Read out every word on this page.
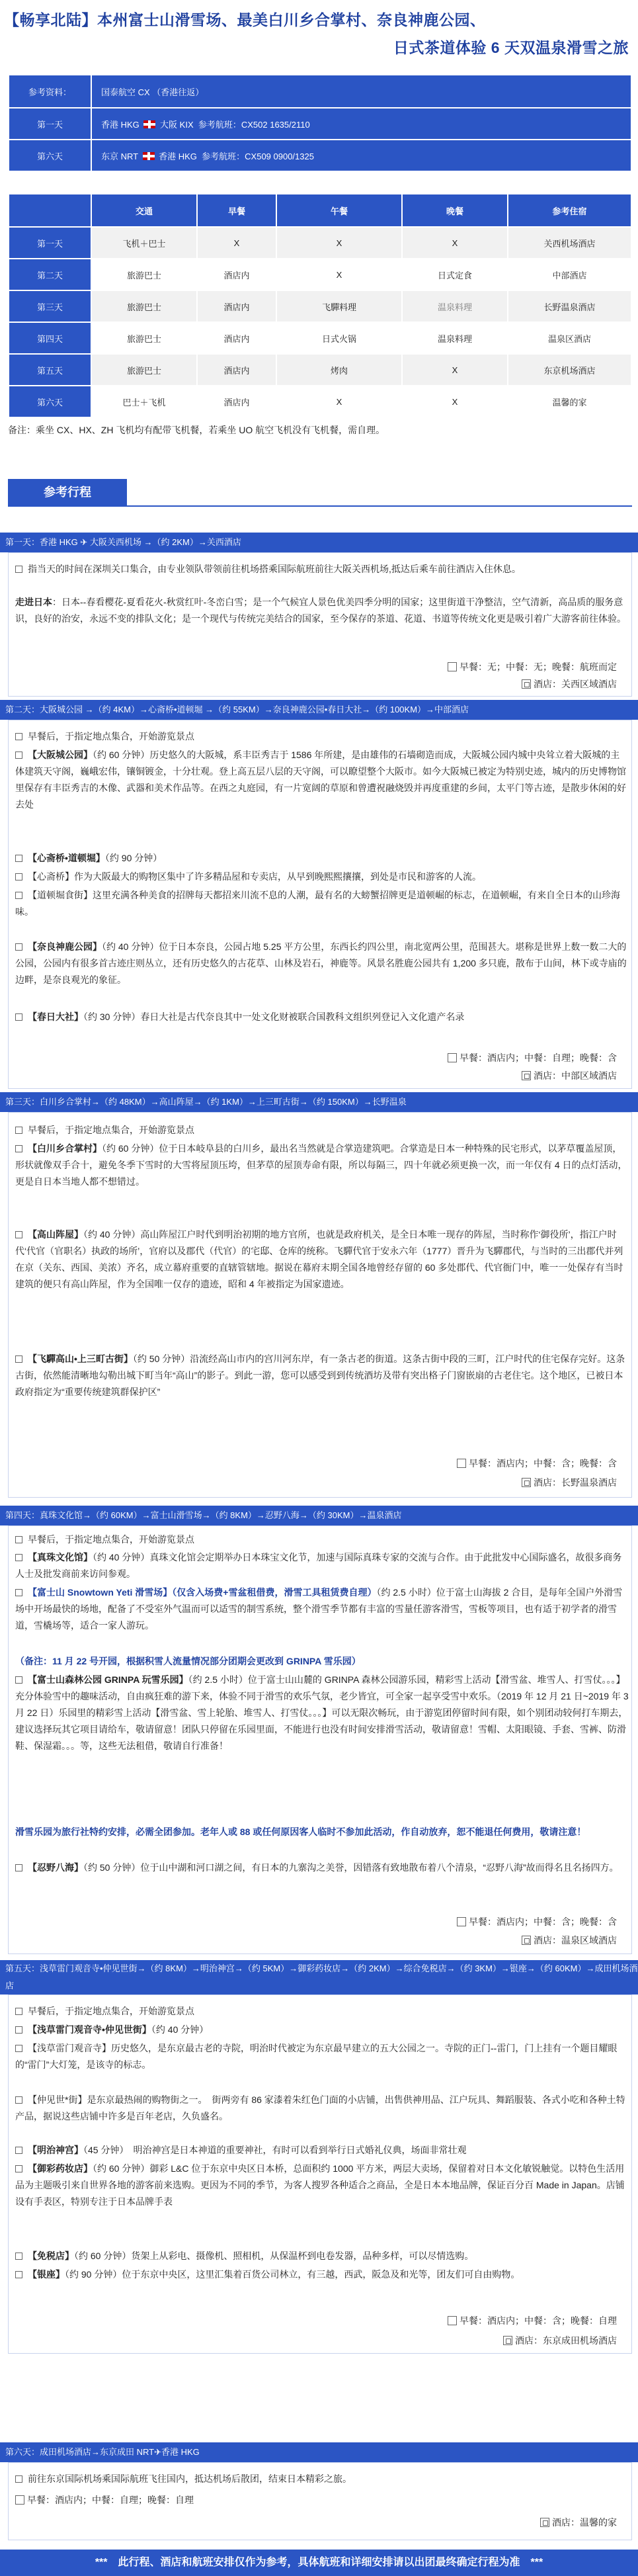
【畅享北陆】本州富士山滑雪场、最美白川乡合掌村、奈良神鹿公园、
日式茶道体验 6 天双温泉滑雪之旅
参考资料：	国泰航空 CX （香港往返）
第一天	香港 HKG 大阪 KIX 参考航班：CX502 1635/2110
第六天	东京 NRT 香港 HKG 参考航班：CX509 0900/1325
	交通	早餐	午餐	晚餐	参考住宿
第一天	飞机＋巴士	X	X	X	关西机场酒店
第二天	旅游巴士	酒店内	X	日式定食	中部酒店
第三天	旅游巴士	酒店内	飞驒料理	温泉料理	长野温泉酒店
第四天	旅游巴士	酒店内	日式火锅	温泉料理	温泉区酒店
第五天	旅游巴士	酒店内	烤肉	X	东京机场酒店
第六天	巴士＋飞机	酒店内	X	X	温馨的家
备注：乘坐 CX、HX、ZH 飞机均有配带飞机餐，若乘坐 UO 航空飞机没有飞机餐，需自理。
参考行程
第一天：香港 HKG ✈ 大阪关西机场 →（约 2KM）→关西酒店
指当天的时间在深圳关口集合，由专业领队带领前往机场搭乘国际航班前往大阪关西机场,抵达后乘车前往酒店入住休息。
走进日本：日本--春看樱花-夏看花火-秋赏红叶-冬峦白雪；是一个气候宜人景色优美四季分明的国家；这里街道干净整洁，空气清新，高品质的服务意识，良好的治安，永远不变的排队文化；是一个现代与传统完美结合的国家，至今保存的茶道、花道、书道等传统文化更是吸引着广大游客前往体验。
早餐：无；中餐：无；晚餐：航班而定
酒店：关西区域酒店
第二天：大阪城公园 →（约 4KM）→心斋桥•道顿堀 →（约 55KM）→奈良神鹿公园•春日大社→（约 100KM）→中部酒店
早餐后，于指定地点集合，开始游览景点
【大阪城公园】（约 60 分钟）历史悠久的大阪城，系丰臣秀吉于 1586 年所建，是由雄伟的石墙砌造而成，大阪城公园内城中央耸立着大阪城的主体建筑天守阁，巍峨宏伟，镶铜镀金，十分壮观。登上高五层八层的天守阁，可以瞭望整个大阪市。如今大阪城已被定为特别史迹，城内的历史博物馆里保存有丰臣秀吉的木像、武器和美术作品等。在西之丸庭园，有一片宽阔的草原和曾遭祝融烧毁并再度重建的乡间，太平门等古迹，是散步休闲的好去处
【心斋桥•道顿堀】（约 90 分钟）
【心斋桥】作为大阪最大的购物区集中了许多精品屋和专卖店，从早到晚熙熙攘攘，到处是市民和游客的人流。
【道顿堀食街】这里充满各种美食的招牌每天都招来川流不息的人潮，最有名的大螃蟹招牌更是道顿崛的标志，在道顿崛，有来自全日本的山珍海味。
【奈良神鹿公园】（约 40 分钟）位于日本奈良，公园占地 5.25 平方公里，东西长约四公里，南北宽两公里，范围甚大。堪称是世界上数一数二大的公园，公园内有很多首古迹庄则丛立，还有历史悠久的古花草、山林及岩石，神鹿等。风景名胜鹿公园共有 1,200 多只鹿，散布于山间，林下或寺庙的边畔，是奈良观光的象征。
【春日大社】（约 30 分钟）春日大社是古代奈良其中一处文化财被联合国教科文组织列登记入文化遗产名录
早餐：酒店内；中餐：自理；晚餐：含
酒店：中部区域酒店
第三天：白川乡合掌村→（约 48KM）→高山阵屋→（约 1KM）→上三町古街→（约 150KM）→长野温泉
早餐后，于指定地点集合，开始游览景点
【白川乡合掌村】（约 60 分钟）位于日本岐阜县的白川乡，最出名当然就是合掌造建筑吧。合掌造是日本一种特殊的民宅形式，以茅草覆盖屋顶，形状就像双手合十，避免冬季下雪时的大雪将屋顶压垮，但茅草的屋顶寿命有限，所以每隔三，四十年就必须更换一次，而一年仅有 4 日的点灯活动，更是自日本当地人都不想错过。
【高山阵屋】（约 40 分钟）高山阵屋江户时代到明治初期的地方官所，也就是政府机关，是全日本唯一现存的阵屋，当时称作‘御役所’，指江户时代‘代官（官职名）执政的场所’，官府以及郡代（代官）的宅邸、仓库的统称。飞驒代官于安永六年（1777）晋升为飞驒郡代，与当时的三出郡代并列在京（关东、西国、美浓）齐名，成立幕府重要的直辖管辖地。据说在幕府末期全国各地曾经存留的 60 多处郡代、代官衙门中，唯一一处保存有当时建筑的便只有高山阵屋，作为全国唯一仅存的遗迹，昭和 4 年被指定为国家遗迹。
【飞驒高山•上三町古街】（约 50 分钟）沿流经高山市内的宫川河东岸，有一条古老的街道。这条古街中段的三町，江户时代的住宅保存完好。这条古街，依然能清晰地勾勒出城下町当年“高山”的影子。到此一游，您可以感受到到传统酒坊及带有突出格子门窗嵌扇的古老住宅。这个地区，已被日本政府指定为“重要传统建筑群保护区”
早餐：酒店内；中餐：含；晚餐：含
酒店：长野温泉酒店
第四天：真珠文化馆→（约 60KM）→富士山滑雪场→（约 8KM）→忍野八海→（约 30KM）→温泉酒店
早餐后，于指定地点集合，开始游览景点
【真珠文化馆】（约 40 分钟）真珠文化馆会定期举办日本珠宝文化节，加速与国际真珠专家的交流与合作。由于此批发中心国际盛名，故很多商务人士及批发商前来访问参观。
【富士山 Snowtown Yeti 滑雪场】（仅含入场费+雪盆租借费，滑雪工具租赁费自理）（约 2.5 小时）位于富士山海拔 2 合目，是每年全国户外滑雪场中开场最快的场地，配备了不受室外气温而可以适雪的制雪系统，整个滑雪季节都有丰富的雪量任游客滑雪，雪板等项目，也有适于初学者的滑雪道，雪橇场等，适合一家人游玩。
（备注：11 月 22 号开园，根据积雪人流量情况部分团期会更改到 GRINPA 雪乐园）
【富士山森林公园 GRINPA 玩雪乐园】（约 2.5 小时）位于富士山山麓的 GRINPA 森林公园游乐园，精彩雪上活动【滑雪盆、堆雪人、打雪仗。。。】充分体验雪中的趣味活动，自由疯狂难的游下来，体验不同于滑雪的欢乐气氛，老少皆宜，可全家一起享受雪中欢乐。（2019 年 12 月 21 日~2019 年 3 月 22 日）乐园里的精彩雪上活动【滑雪盆、雪上轮胎、堆雪人、打雪仗。。。】可以无限次畅玩，由于游览团停留时间有限，如个别团动较何打车期去，建议选择玩其它项目请给车，敬请留意！团队只停留在乐园里面，不能进行也没有时间安排滑雪活动，敬请留意！雪帽、太阳眼镜、手套、雪裤、防滑鞋、保湿霜。。。等，这些无法租借，敬请自行准备！
滑雪乐园为旅行社特约安排，必需全团参加。老年人或 88 或任何原因客人临时不参加此活动，作自动放弃，恕不能退任何费用，敬请注意！
【忍野八海】（约 50 分钟）位于山中湖和河口湖之间，有日本的九寨沟之美誉，因错落有致地散布着八个清泉，“忍野八海”故而得名且名扬四方。
早餐：酒店内；中餐：含；晚餐：含
酒店：温泉区域酒店
第五天：浅草雷门观音寺•仲见世街→（约 8KM）→明治神宫→（约 5KM）→御彩药妆店→（约 2KM）→综合免税店→（约 3KM）→银座→（约 60KM）→成田机场酒店
早餐后，于指定地点集合，开始游览景点
【浅草雷门观音寺•仲见世街】（约 40 分钟）
【浅草雷门观音寺】历史悠久，是东京最古老的寺院，明治时代被定为东京最早建立的五大公园之一。寺院的正门--雷门，门上挂有一个题目耀眼的“雷门”大灯笼，是该寺的标志。
【仲见世*街】是东京最热闹的购物街之一。　街两旁有 86 家漆着朱红色门面的小店铺，出售供神用品、江户玩具、舞蹈服装、各式小吃和各种土特产品，据说这些店铺中许多是百年老店，久负盛名。
【明治神宫】（45 分钟）　明治神宫是日本神道的重要神社，有时可以看到举行日式婚礼仪典，场面非常壮观
【御彩药妆店】（约 60 分钟）御彩 L&C 位于东京中央区日本桥，总面积约 1000 平方米，两层大卖场，保留着对日本文化敏锐触觉。以特色生活用品为主题吸引来自世界各地的游客前来选购。更因为不同的季节，为客人搜罗各种适合之商品，全是日本本地品牌，保证百分百 Made in Japan。店铺设有手表区，特别专注于日本品牌手表
【免税店】（约 60 分钟）货架上从彩电、摄像机、照相机，从保温杯到电卷发器，品种多样，可以尽情选购。
【银座】（约 90 分钟）位于东京中央区，这里汇集着百货公司林立，有三越，西武，阪急及和光等，团友们可自由购物。
早餐：酒店内；中餐：含；晚餐：自理
酒店：东京成田机场酒店
第六天：成田机场酒店→东京成田 NRT✈香港 HKG
前往东京国际机场乘国际航班飞往国内，抵达机场后散团，结束日本精彩之旅。
早餐：酒店内；中餐：自理；晚餐：自理
酒店：温馨的家
***　此行程、酒店和航班安排仅作为参考，具体航班和详细安排请以出团最终确定行程为准　***
